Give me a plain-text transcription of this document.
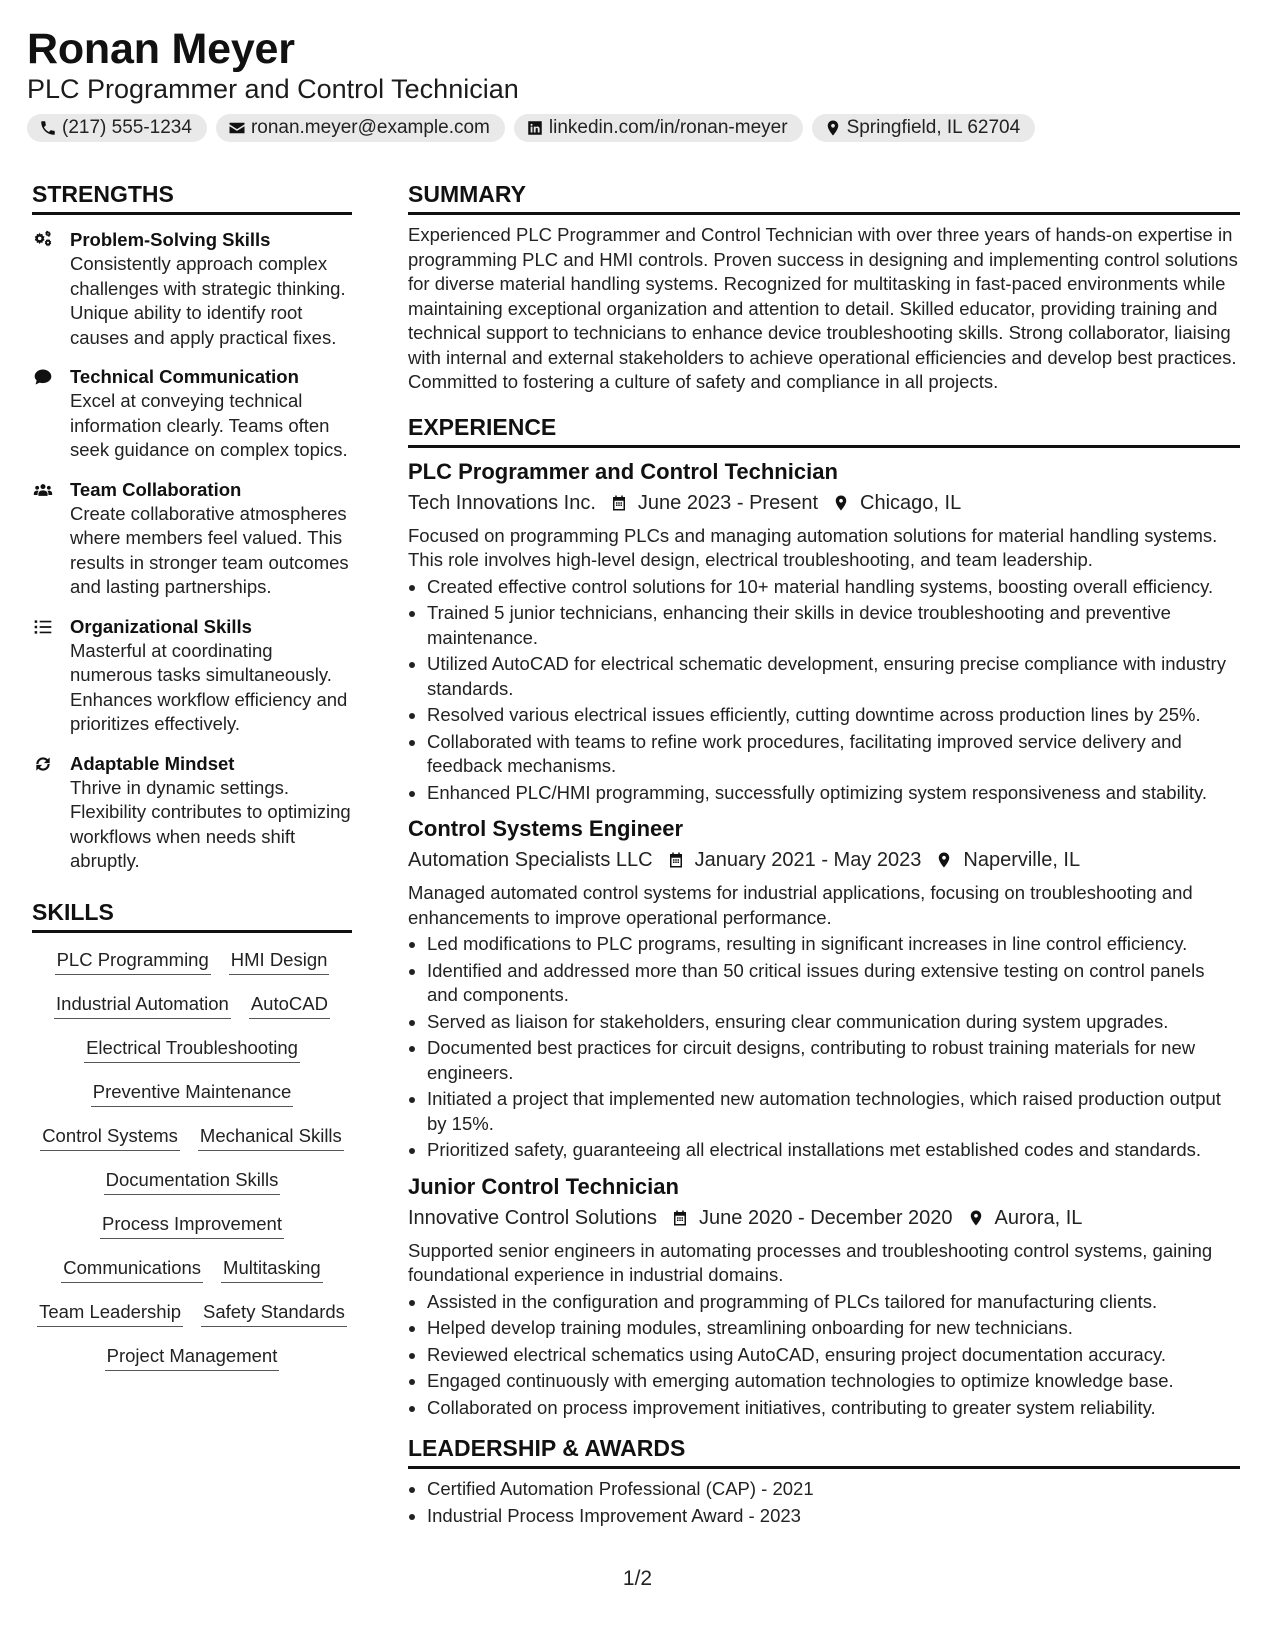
Ronan Meyer
PLC Programmer and Control Technician
(217) 555-1234	ronan.meyer@example.com	linkedin.com/in/ronan-meyer	Springfield, IL 62704
STRENGTHS
Problem-Solving Skills
Consistently approach complex challenges with strategic thinking. Unique ability to identify root causes and apply practical fixes.
Technical Communication
Excel at conveying technical information clearly. Teams often seek guidance on complex topics.
Team Collaboration
Create collaborative atmospheres where members feel valued. This results in stronger team outcomes and lasting partnerships.
Organizational Skills
Masterful at coordinating numerous tasks simultaneously. Enhances workflow efficiency and prioritizes effectively.
Adaptable Mindset
Thrive in dynamic settings. Flexibility contributes to optimizing workflows when needs shift abruptly.
SKILLS
PLC Programming HMI Design
Industrial Automation AutoCAD
Electrical Troubleshooting
Preventive Maintenance
Control Systems Mechanical Skills
Documentation Skills
Process Improvement
Communications Multitasking
Team Leadership Safety Standards
Project Management
SUMMARY
Experienced PLC Programmer and Control Technician with over three years of hands-on expertise in programming PLC and HMI controls. Proven success in designing and implementing control solutions for diverse material handling systems. Recognized for multitasking in fast-paced environments while maintaining exceptional organization and attention to detail. Skilled educator, providing training and technical support to technicians to enhance device troubleshooting skills. Strong collaborator, liaising with internal and external stakeholders to achieve operational efficiencies and develop best practices. Committed to fostering a culture of safety and compliance in all projects.
EXPERIENCE
PLC Programmer and Control Technician
Tech Innovations Inc. June 2023 - Present Chicago, IL
Focused on programming PLCs and managing automation solutions for material handling systems. This role involves high-level design, electrical troubleshooting, and team leadership.
• Created effective control solutions for 10+ material handling systems, boosting overall efficiency.
• Trained 5 junior technicians, enhancing their skills in device troubleshooting and preventive maintenance.
• Utilized AutoCAD for electrical schematic development, ensuring precise compliance with industry standards.
• Resolved various electrical issues efficiently, cutting downtime across production lines by 25%.
• Collaborated with teams to refine work procedures, facilitating improved service delivery and feedback mechanisms.
• Enhanced PLC/HMI programming, successfully optimizing system responsiveness and stability.
Control Systems Engineer
Automation Specialists LLC January 2021 - May 2023 Naperville, IL
Managed automated control systems for industrial applications, focusing on troubleshooting and enhancements to improve operational performance.
• Led modifications to PLC programs, resulting in significant increases in line control efficiency.
• Identified and addressed more than 50 critical issues during extensive testing on control panels and components.
• Served as liaison for stakeholders, ensuring clear communication during system upgrades.
• Documented best practices for circuit designs, contributing to robust training materials for new engineers.
• Initiated a project that implemented new automation technologies, which raised production output by 15%.
• Prioritized safety, guaranteeing all electrical installations met established codes and standards.
Junior Control Technician
Innovative Control Solutions June 2020 - December 2020 Aurora, IL
Supported senior engineers in automating processes and troubleshooting control systems, gaining foundational experience in industrial domains.
• Assisted in the configuration and programming of PLCs tailored for manufacturing clients.
• Helped develop training modules, streamlining onboarding for new technicians.
• Reviewed electrical schematics using AutoCAD, ensuring project documentation accuracy.
• Engaged continuously with emerging automation technologies to optimize knowledge base.
• Collaborated on process improvement initiatives, contributing to greater system reliability.
LEADERSHIP & AWARDS
• Certified Automation Professional (CAP) - 2021
• Industrial Process Improvement Award - 2023
1/2
